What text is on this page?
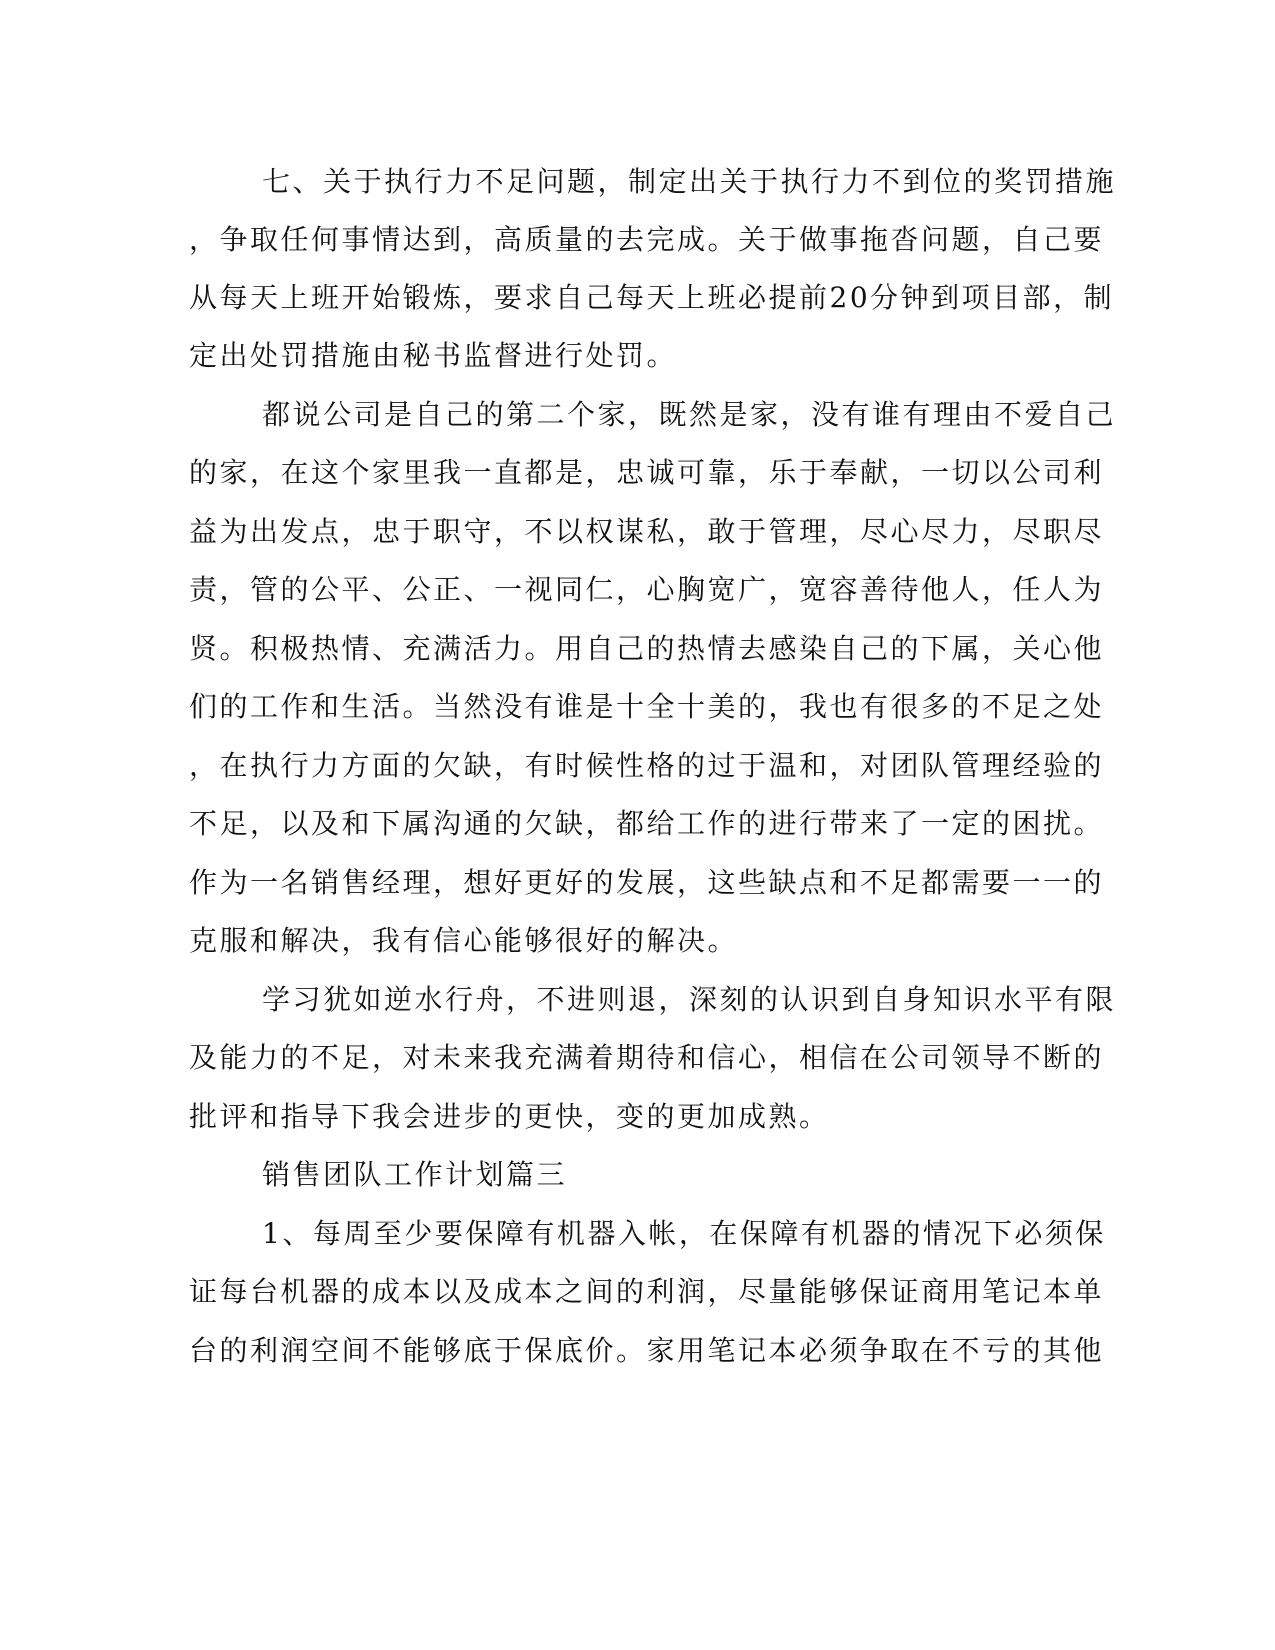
七、关于执行力不足问题，制定出关于执行力不到位的奖罚措施
，争取任何事情达到，高质量的去完成。关于做事拖沓问题，自己要
从每天上班开始锻炼，要求自己每天上班必提前20分钟到项目部，制
定出处罚措施由秘书监督进行处罚。
都说公司是自己的第二个家，既然是家，没有谁有理由不爱自己
的家，在这个家里我一直都是，忠诚可靠，乐于奉献，一切以公司利
益为出发点，忠于职守，不以权谋私，敢于管理，尽心尽力，尽职尽
责，管的公平、公正、一视同仁，心胸宽广，宽容善待他人，任人为
贤。积极热情、充满活力。用自己的热情去感染自己的下属，关心他
们的工作和生活。当然没有谁是十全十美的，我也有很多的不足之处
，在执行力方面的欠缺，有时候性格的过于温和，对团队管理经验的
不足，以及和下属沟通的欠缺，都给工作的进行带来了一定的困扰。
作为一名销售经理，想好更好的发展，这些缺点和不足都需要一一的
克服和解决，我有信心能够很好的解决。
学习犹如逆水行舟，不进则退，深刻的认识到自身知识水平有限
及能力的不足，对未来我充满着期待和信心，相信在公司领导不断的
批评和指导下我会进步的更快，变的更加成熟。
销售团队工作计划篇三
1、每周至少要保障有机器入帐，在保障有机器的情况下必须保
证每台机器的成本以及成本之间的利润，尽量能够保证商用笔记本单
台的利润空间不能够底于保底价。家用笔记本必须争取在不亏的其他
